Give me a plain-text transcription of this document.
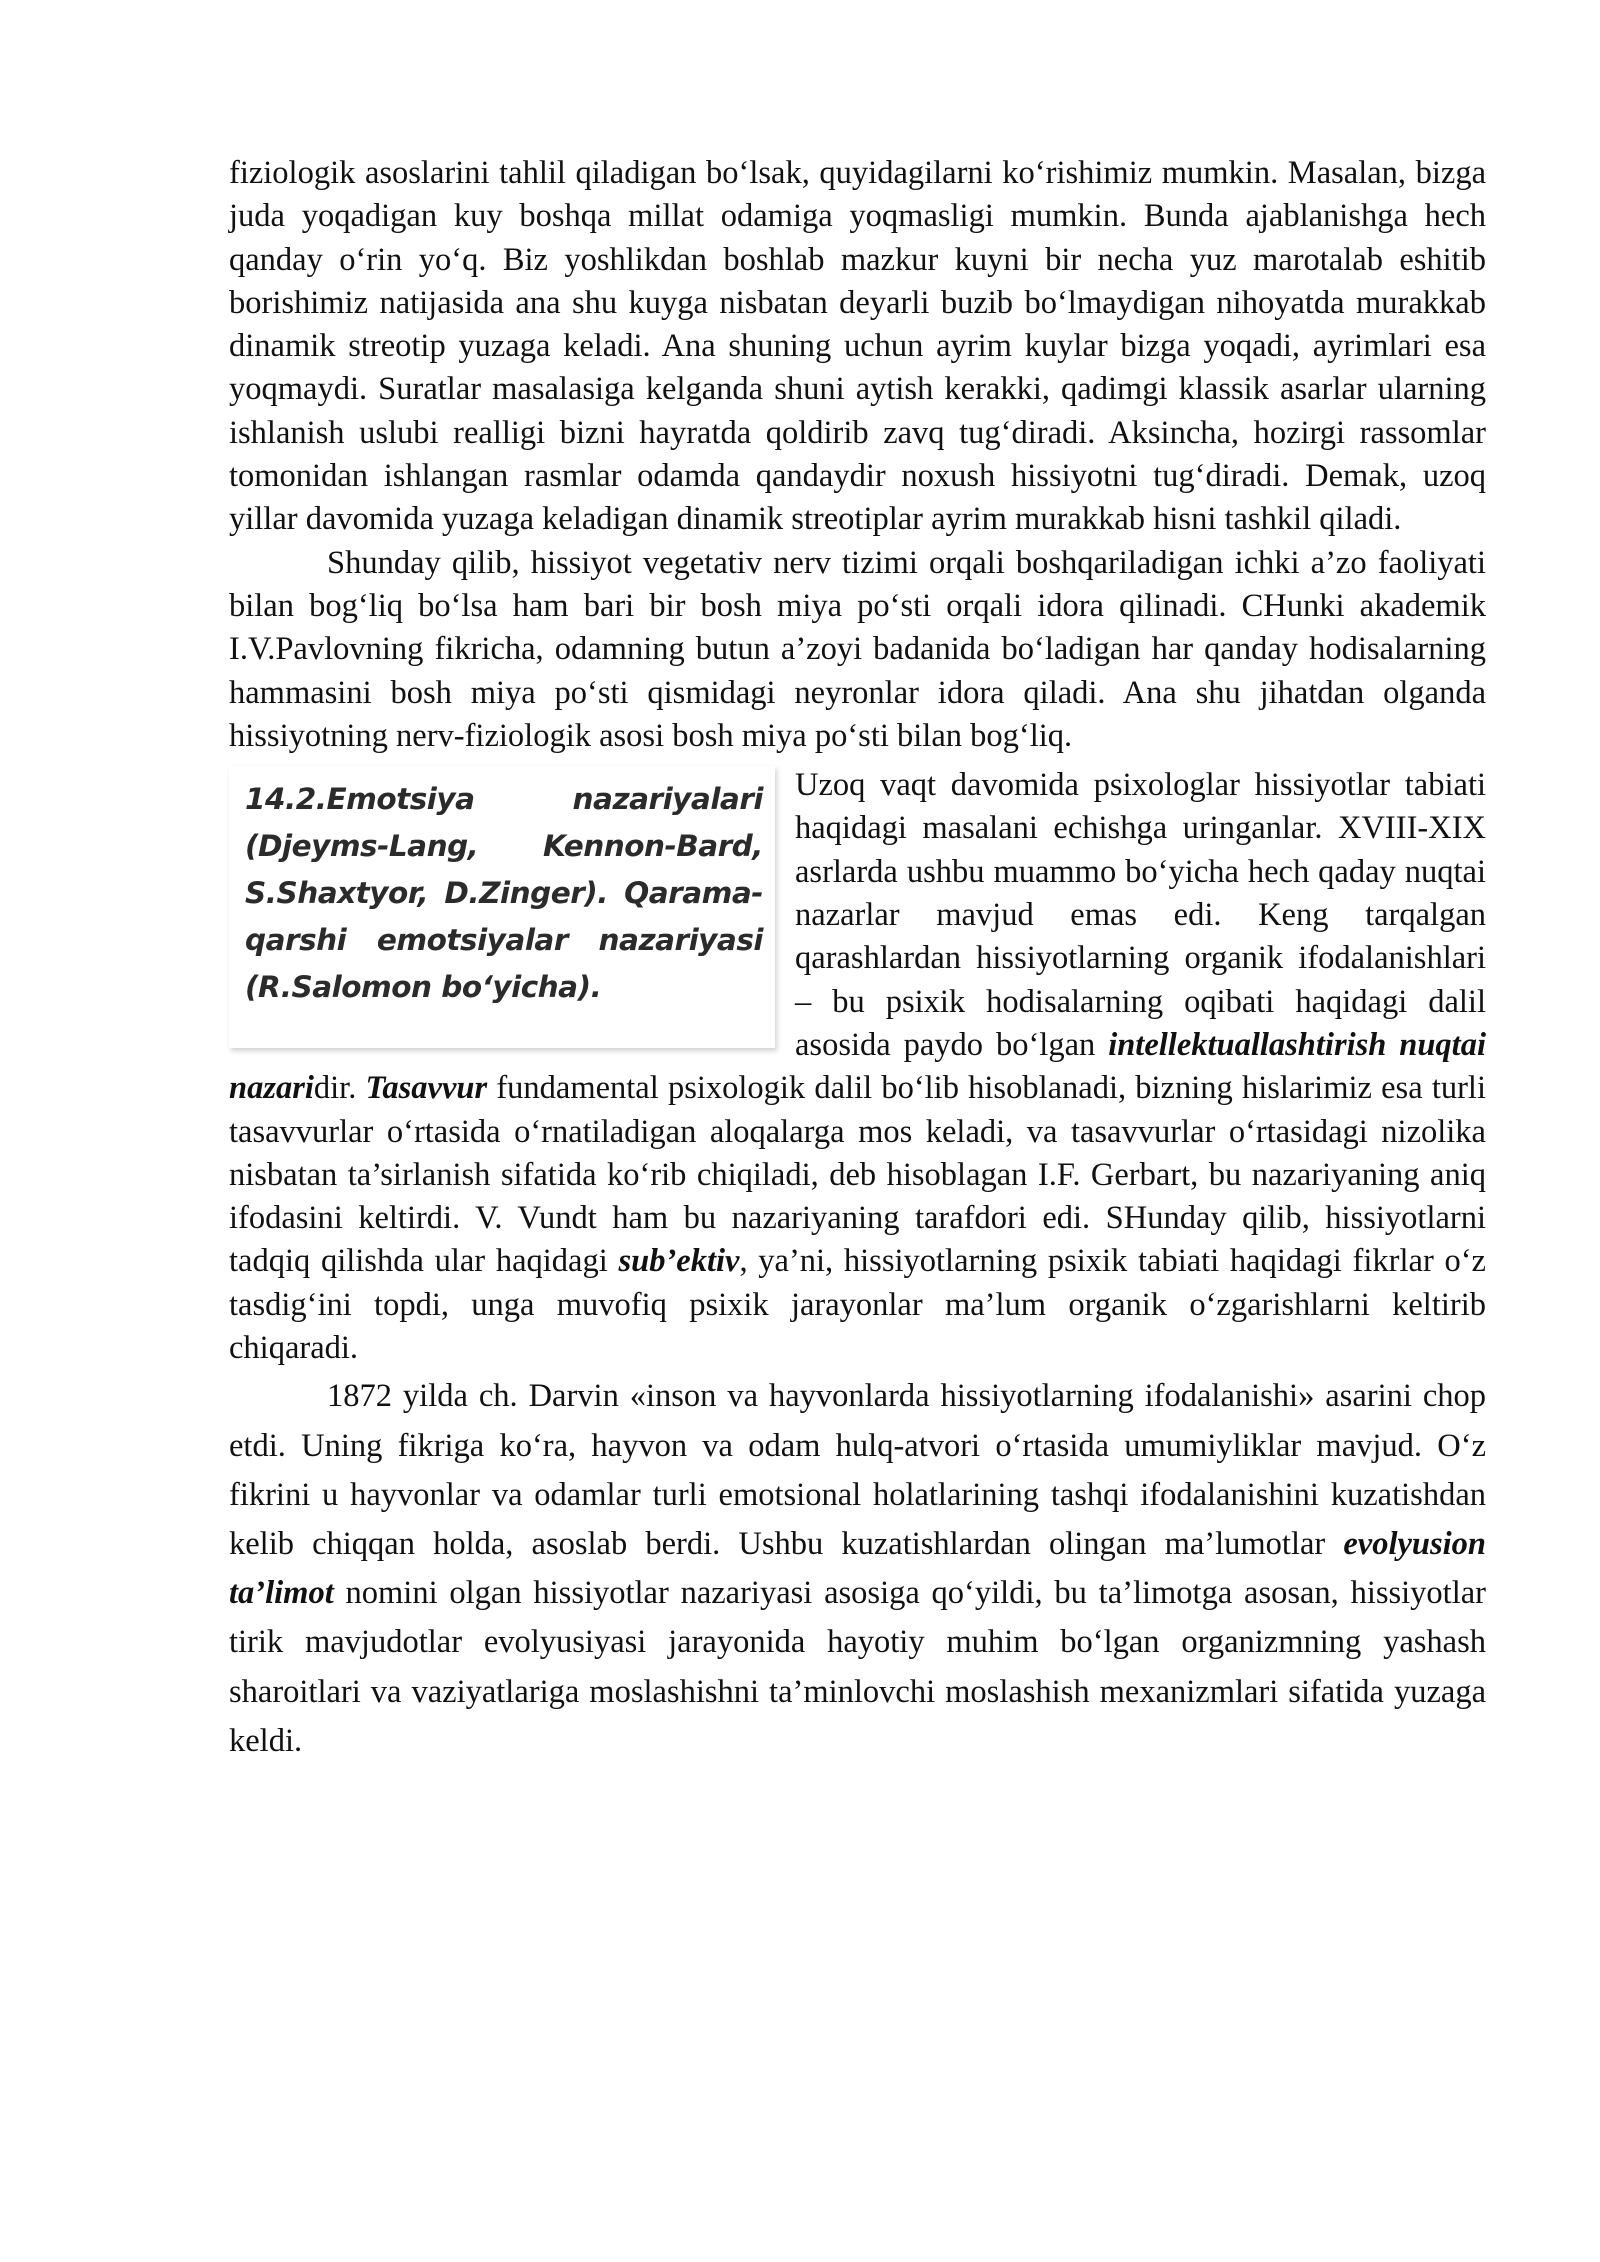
fiziologik asoslarini tahlil qiladigan bo‘lsak, quyidagilarni ko‘rishimiz mumkin. Masalan, bizga juda yoqadigan kuy boshqa millat odamiga yoqmasligi mumkin. Bunda ajablanishga hech qanday o‘rin yo‘q. Biz yoshlikdan boshlab mazkur kuyni bir necha yuz marotalab eshitib borishimiz natijasida ana shu kuyga nisbatan deyarli buzib bo‘lmaydigan nihoyatda murakkab dinamik streotip yuzaga keladi. Ana shuning uchun ayrim kuylar bizga yoqadi, ayrimlari esa yoqmaydi. Suratlar masalasiga kelganda shuni aytish kerakki, qadimgi klassik asarlar ularning ishlanish uslubi realligi bizni hayratda qoldirib zavq tug‘diradi. Aksincha, hozirgi rassomlar tomonidan ishlangan rasmlar odamda qandaydir noxush hissiyotni tug‘diradi. Demak, uzoq yillar davomida yuzaga keladigan dinamik streotiplar ayrim murakkab hisni tashkil qiladi.

Shunday qilib, hissiyot vegetativ nerv tizimi orqali boshqariladigan ichki a’zo faoliyati bilan bog‘liq bo‘lsa ham bari bir bosh miya po‘sti orqali idora qilinadi. CHunki akademik I.V.Pavlovning fikricha, odamning butun a’zoyi badanida bo‘ladigan har qanday hodisalarning hammasini bosh miya po‘sti qismidagi neyronlar idora qiladi. Ana shu jihatdan olganda hissiyotning nerv-fiziologik asosi bosh miya po‘sti bilan bog‘liq.

14.2.Emotsiya nazariyalari (Djeyms-Lang, Kennon-Bard, S.Shaxtyor, D.Zinger). Qarama-qarshi emotsiyalar nazariyasi (R.Salomon bo‘yicha).

Uzoq vaqt davomida psixologlar hissiyotlar tabiati haqidagi masalani echishga uringanlar. XVIII-XIX asrlarda ushbu muammo bo‘yicha hech qaday nuqtai nazarlar mavjud emas edi. Keng tarqalgan qarashlardan hissiyotlarning organik ifodalanishlari – bu psixik hodisalarning oqibati haqidagi dalil asosida paydo bo‘lgan intellektuallashtirish nuqtai nazaridir. Tasavvur fundamental psixologik dalil bo‘lib hisoblanadi, bizning hislarimiz esa turli tasavvurlar o‘rtasida o‘rnatiladigan aloqalarga mos keladi, va tasavvurlar o‘rtasidagi nizolika nisbatan ta’sirlanish sifatida ko‘rib chiqiladi, deb hisoblagan I.F. Gerbart, bu nazariyaning aniq ifodasini keltirdi. V. Vundt ham bu nazariyaning tarafdori edi. SHunday qilib, hissiyotlarni tadqiq qilishda ular haqidagi sub’ektiv, ya’ni, hissiyotlarning psixik tabiati haqidagi fikrlar o‘z tasdig‘ini topdi, unga muvofiq psixik jarayonlar ma’lum organik o‘zgarishlarni keltirib chiqaradi.

1872 yilda ch. Darvin «inson va hayvonlarda hissiyotlarning ifodalanishi» asarini chop etdi. Uning fikriga ko‘ra, hayvon va odam hulq-atvori o‘rtasida umumiyliklar mavjud. O‘z fikrini u hayvonlar va odamlar turli emotsional holatlarining tashqi ifodalanishini kuzatishdan kelib chiqqan holda, asoslab berdi. Ushbu kuzatishlardan olingan ma’lumotlar evolyusion ta’limot nomini olgan hissiyotlar nazariyasi asosiga qo‘yildi, bu ta’limotga asosan, hissiyotlar tirik mavjudotlar evolyusiyasi jarayonida hayotiy muhim bo‘lgan organizmning yashash sharoitlari va vaziyatlariga moslashishni ta’minlovchi moslashish mexanizmlari sifatida yuzaga keldi.
